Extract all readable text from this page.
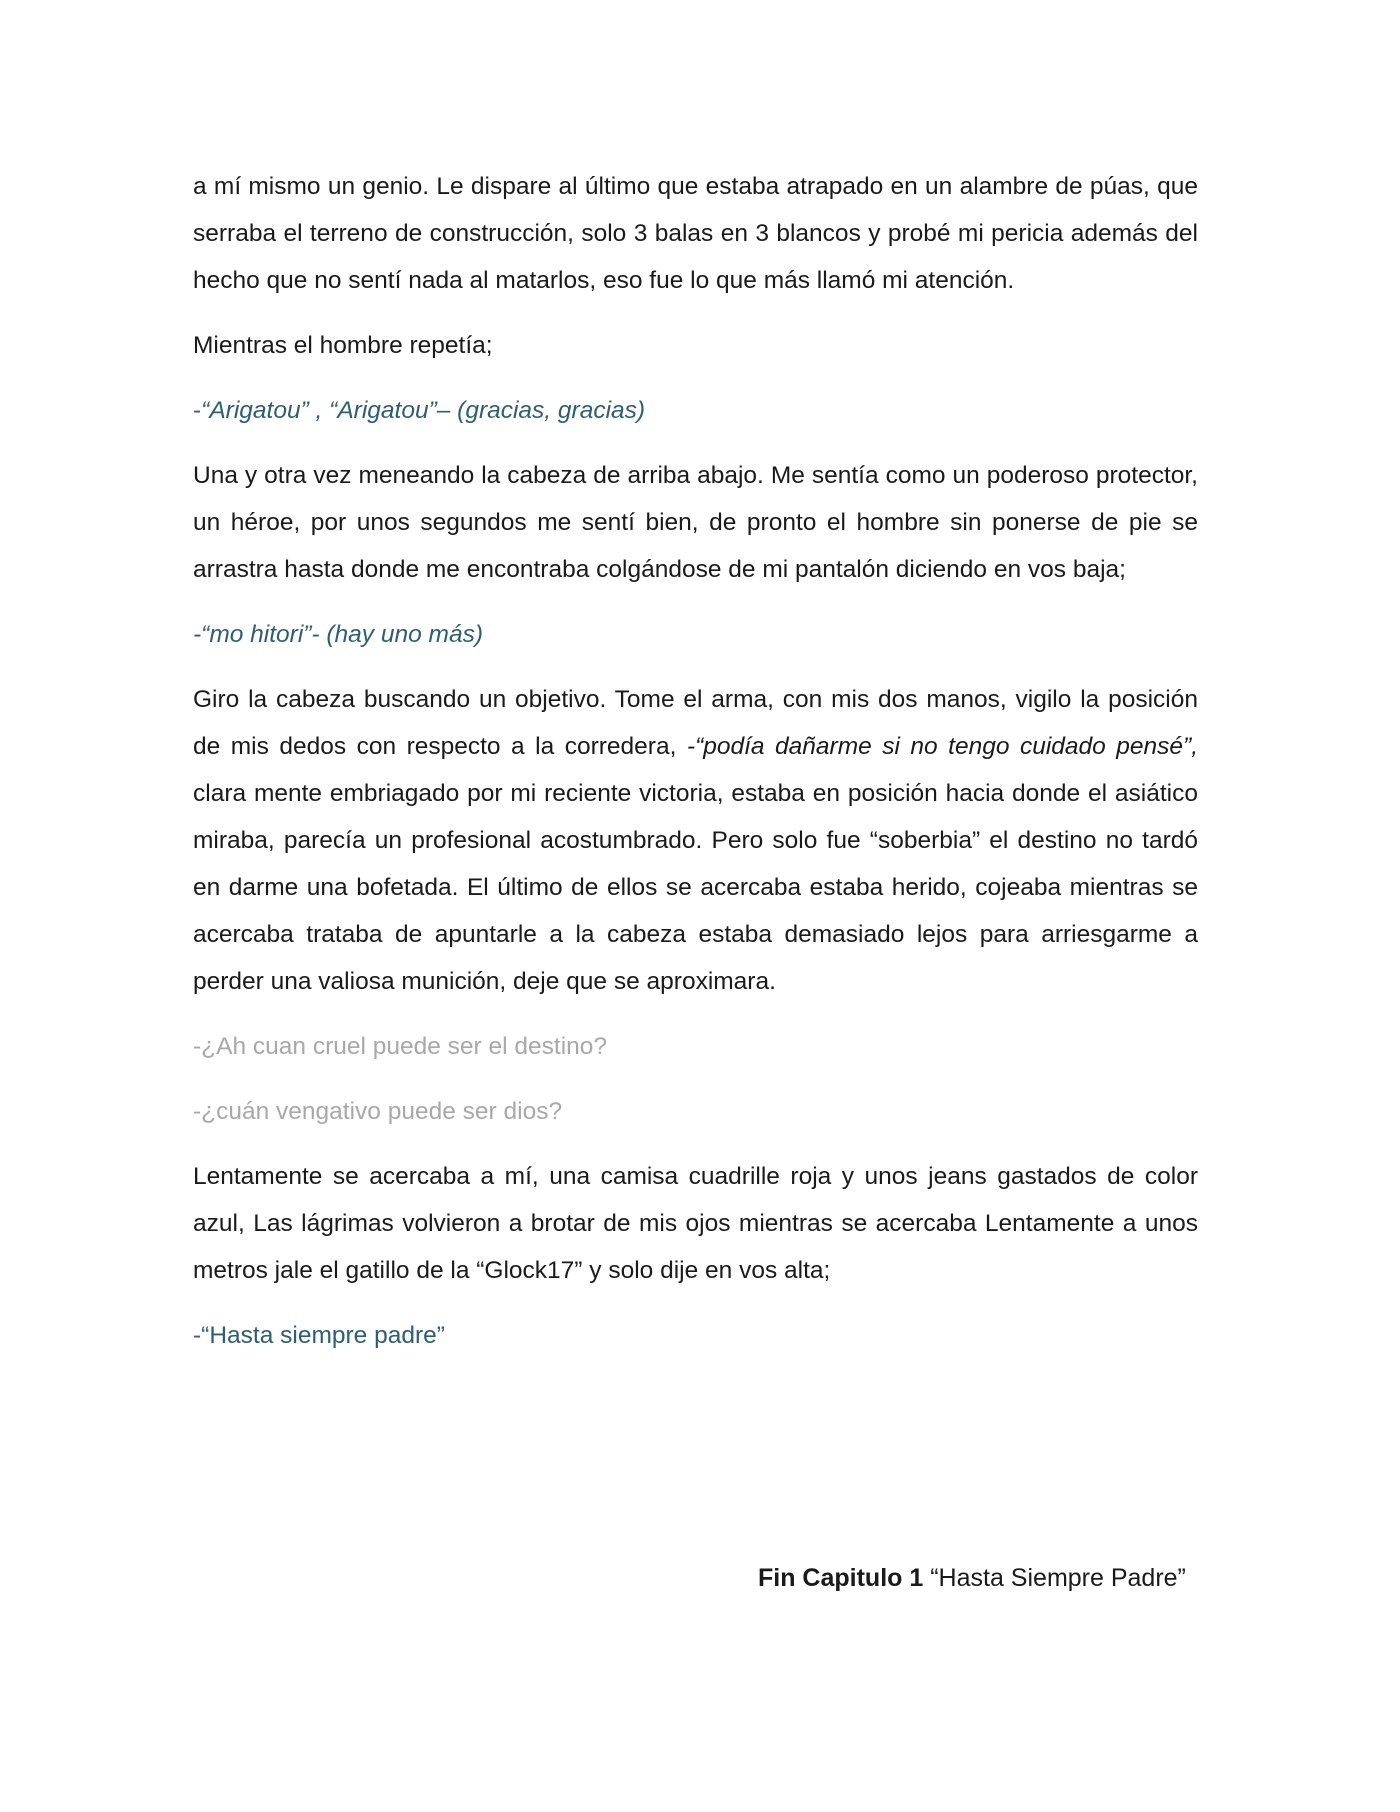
a mí mismo un genio. Le dispare al último que estaba atrapado en un alambre de púas, que serraba el terreno de construcción, solo 3 balas en 3 blancos y probé mi pericia además del hecho que no sentí nada al matarlos, eso fue lo que más llamó mi atención.

Mientras el hombre repetía;

-“Arigatou” , “Arigatou”– (gracias, gracias)

Una y otra vez meneando la cabeza de arriba abajo. Me sentía como un poderoso protector, un héroe, por unos segundos me sentí bien, de pronto el hombre sin ponerse de pie se arrastra hasta donde me encontraba colgándose de mi pantalón diciendo en vos baja;

-“mo hitori”- (hay uno más)

Giro la cabeza buscando un objetivo. Tome el arma, con mis dos manos, vigilo la posición de mis dedos con respecto a la corredera, -“podía dañarme si no tengo cuidado pensé”, clara mente embriagado por mi reciente victoria, estaba en posición hacia donde el asiático miraba, parecía un profesional acostumbrado. Pero solo fue “soberbia” el destino no tardó en darme una bofetada. El último de ellos se acercaba estaba herido, cojeaba mientras se acercaba trataba de apuntarle a la cabeza estaba demasiado lejos para arriesgarme a perder una valiosa munición, deje que se aproximara.

-¿Ah cuan cruel puede ser el destino?

-¿cuán vengativo puede ser dios?

Lentamente se acercaba a mí, una camisa cuadrille roja y unos jeans gastados de color azul, Las lágrimas volvieron a brotar de mis ojos mientras se acercaba Lentamente a unos metros jale el gatillo de la “Glock17” y solo dije en vos alta;

-“Hasta siempre padre”

Fin Capitulo 1 “Hasta Siempre Padre”
